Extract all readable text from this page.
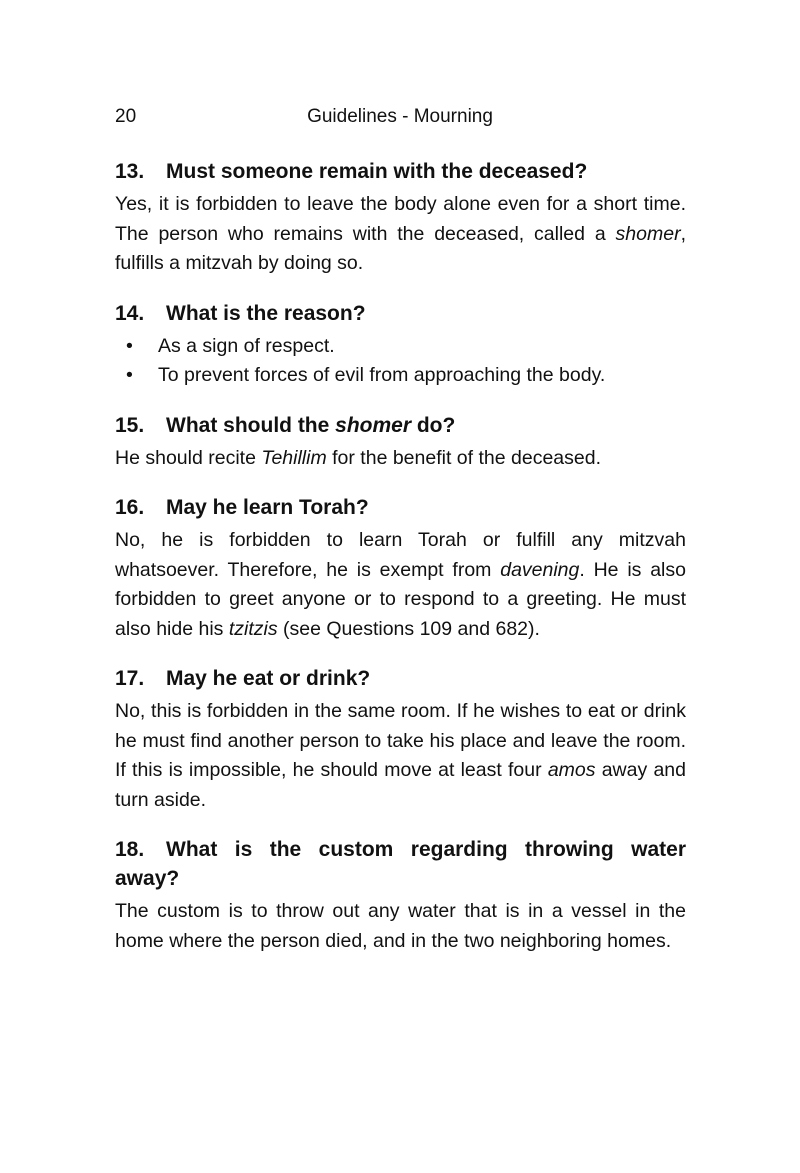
20	Guidelines - Mourning
13.	Must someone remain with the deceased?

Yes, it is forbidden to leave the body alone even for a short time. The person who remains with the deceased, called a shomer, fulfills a mitzvah by doing so.

14.	What is the reason?
• As a sign of respect.
• To prevent forces of evil from approaching the body.
15.	What should the shomer do?

He should recite Tehillim for the benefit of the deceased.

16.	May he learn Torah?

No, he is forbidden to learn Torah or fulfill any mitzvah whatsoever. Therefore, he is exempt from davening. He is also forbidden to greet anyone or to respond to a greeting. He must also hide his tzitzis (see Questions 109 and 682).

17.	May he eat or drink?

No, this is forbidden in the same room. If he wishes to eat or drink he must find another person to take his place and leave the room. If this is impossible, he should move at least four amos away and turn aside.

18.	What is the custom regarding throwing water
away?

The custom is to throw out any water that is in a vessel in the home where the person died, and in the two neighboring homes.
